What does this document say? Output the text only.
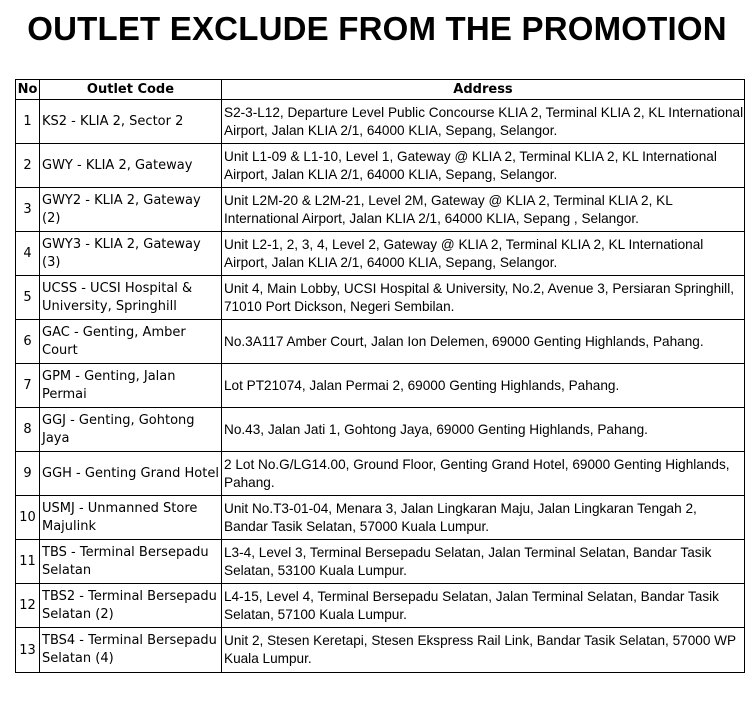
OUTLET EXCLUDE FROM THE PROMOTION
No	Outlet Code	Address
1	KS2 - KLIA 2, Sector 2	S2-3-L12, Departure Level Public Concourse KLIA 2, Terminal KLIA 2, KL International Airport, Jalan KLIA 2/1, 64000 KLIA, Sepang, Selangor.
2	GWY - KLIA 2, Gateway	Unit L1-09 & L1-10, Level 1, Gateway @ KLIA 2, Terminal KLIA 2, KL International Airport, Jalan KLIA 2/1, 64000 KLIA, Sepang, Selangor.
3	GWY2 - KLIA 2, Gateway (2)	Unit L2M-20 & L2M-21, Level 2M, Gateway @ KLIA 2, Terminal KLIA 2, KL International Airport, Jalan KLIA 2/1, 64000 KLIA, Sepang , Selangor.
4	GWY3 - KLIA 2, Gateway (3)	Unit L2-1, 2, 3, 4, Level 2, Gateway @ KLIA 2, Terminal KLIA 2, KL International Airport, Jalan KLIA 2/1, 64000 KLIA, Sepang, Selangor.
5	UCSS - UCSI Hospital & University, Springhill	Unit 4, Main Lobby, UCSI Hospital & University, No.2, Avenue 3, Persiaran Springhill, 71010 Port Dickson, Negeri Sembilan.
6	GAC - Genting, Amber Court	No.3A117 Amber Court, Jalan Ion Delemen, 69000 Genting Highlands, Pahang.
7	GPM - Genting, Jalan Permai	Lot PT21074, Jalan Permai 2, 69000 Genting Highlands, Pahang.
8	GGJ - Genting, Gohtong Jaya	No.43, Jalan Jati 1, Gohtong Jaya, 69000 Genting Highlands, Pahang.
9	GGH - Genting Grand Hotel	2 Lot No.G/LG14.00, Ground Floor, Genting Grand Hotel, 69000 Genting Highlands, Pahang.
10	USMJ - Unmanned Store Majulink	Unit No.T3-01-04, Menara 3, Jalan Lingkaran Maju, Jalan Lingkaran Tengah 2, Bandar Tasik Selatan, 57000 Kuala Lumpur.
11	TBS - Terminal Bersepadu Selatan	L3-4, Level 3, Terminal Bersepadu Selatan, Jalan Terminal Selatan, Bandar Tasik Selatan, 53100 Kuala Lumpur.
12	TBS2 - Terminal Bersepadu Selatan (2)	L4-15, Level 4, Terminal Bersepadu Selatan, Jalan Terminal Selatan, Bandar Tasik Selatan, 57100 Kuala Lumpur.
13	TBS4 - Terminal Bersepadu Selatan (4)	Unit 2, Stesen Keretapi, Stesen Ekspress Rail Link, Bandar Tasik Selatan, 57000 WP Kuala Lumpur.
